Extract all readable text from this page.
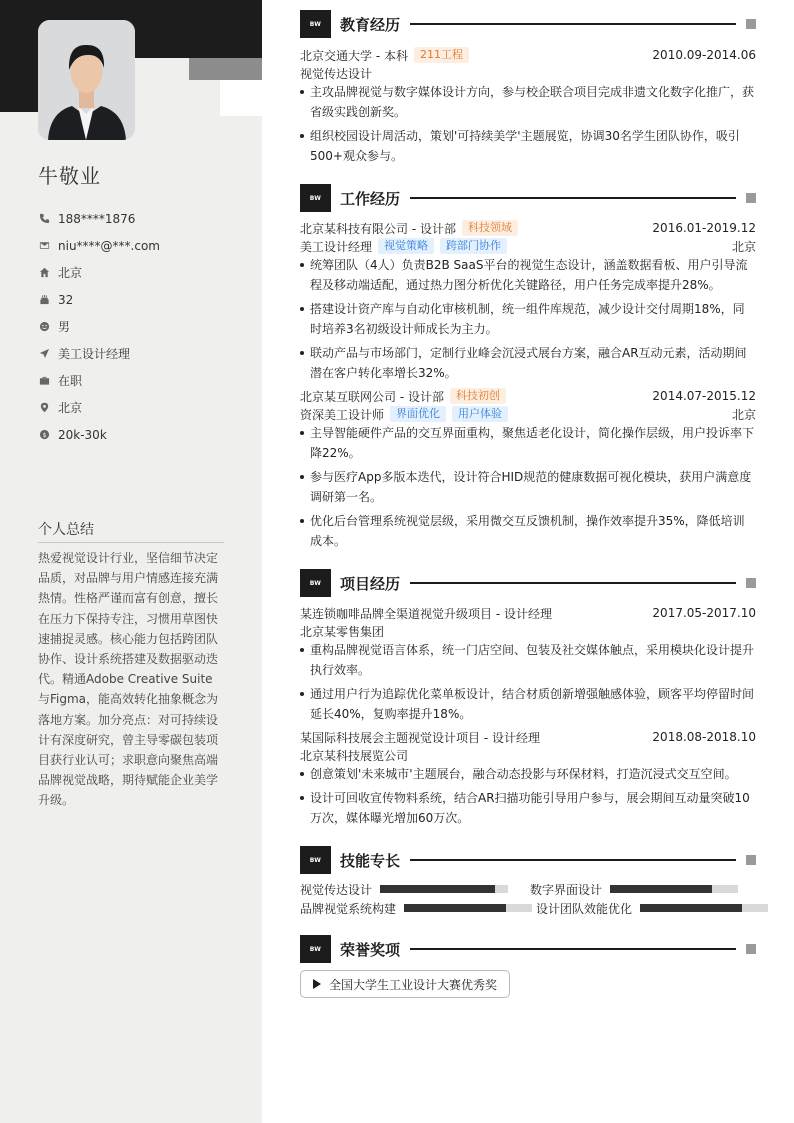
牛敬业
188****1876
niu****@***.com
北京
32
男
美工设计经理
在职
北京
$ 20k-30k
个人总结
热爱视觉设计行业，坚信细节决定品质，对品牌与用户情感连接充满热情。性格严谨而富有创意，擅长在压力下保持专注，习惯用草图快速捕捉灵感。核心能力包括跨团队协作、设计系统搭建及数据驱动迭代。精通Adobe Creative Suite与Figma，能高效转化抽象概念为落地方案。加分亮点：对可持续设计有深度研究，曾主导零碳包装项目获行业认可；求职意向聚焦高端品牌视觉战略，期待赋能企业美学升级。
BW	教育经历
北京交通大学 - 本科	211工程	2010.09-2014.06
视觉传达设计
主攻品牌视觉与数字媒体设计方向，参与校企联合项目完成非遗文化数字化推广，获省级实践创新奖。
组织校园设计周活动，策划'可持续美学'主题展览，协调30名学生团队协作，吸引500+观众参与。
BW	工作经历
北京某科技有限公司 - 设计部	科技领域	2016.01-2019.12
美工设计经理	视觉策略	跨部门协作	北京
统筹团队（4人）负责B2B SaaS平台的视觉生态设计，涵盖数据看板、用户引导流程及移动端适配，通过热力图分析优化关键路径，用户任务完成率提升28%。
搭建设计资产库与自动化审核机制，统一组件库规范，减少设计交付周期18%，同时培养3名初级设计师成长为主力。
联动产品与市场部门，定制行业峰会沉浸式展台方案，融合AR互动元素，活动期间潜在客户转化率增长32%。
北京某互联网公司 - 设计部	科技初创	2014.07-2015.12
资深美工设计师	界面优化	用户体验	北京
主导智能硬件产品的交互界面重构，聚焦适老化设计，简化操作层级，用户投诉率下降22%。
参与医疗App多版本迭代，设计符合HID规范的健康数据可视化模块，获用户满意度调研第一名。
优化后台管理系统视觉层级，采用微交互反馈机制，操作效率提升35%，降低培训成本。
BW	项目经历
某连锁咖啡品牌全渠道视觉升级项目 - 设计经理	2017.05-2017.10
北京某零售集团
重构品牌视觉语言体系，统一门店空间、包装及社交媒体触点，采用模块化设计提升执行效率。
通过用户行为追踪优化菜单板设计，结合材质创新增强触感体验，顾客平均停留时间延长40%，复购率提升18%。
某国际科技展会主题视觉设计项目 - 设计经理	2018.08-2018.10
北京某科技展览公司
创意策划'未来城市'主题展台，融合动态投影与环保材料，打造沉浸式交互空间。
设计可回收宣传物料系统，结合AR扫描功能引导用户参与，展会期间互动量突破10万次，媒体曝光增加60万次。
BW	技能专长
视觉传达设计	数字界面设计
品牌视觉系统构建	设计团队效能优化
BW	荣誉奖项
全国大学生工业设计大赛优秀奖
